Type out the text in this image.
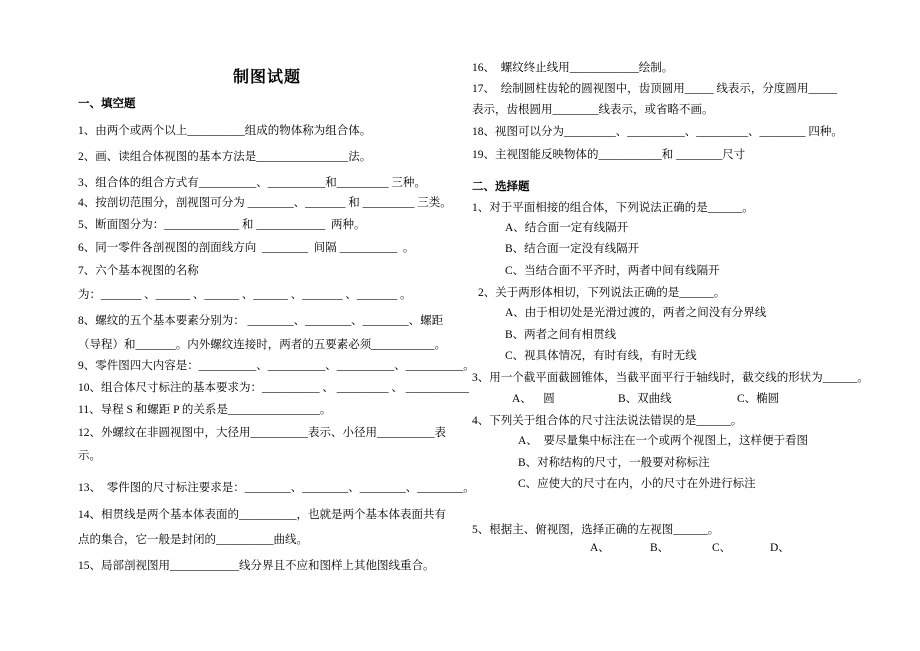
制图试题
一、填空题
1、由两个或两个以上__________组成的物体称为组合体。
2、画、读组合体视图的基本方法是________________法。
3、组合体的组合方式有__________、__________和_________ 三种。
4、按剖切范围分，剖视图可分为 ________、_______ 和 _________ 三类。
5、断面图分为：_____________ 和 ____________  两种。
6、同一零件各剖视图的剖面线方向  ________  间隔 __________  。
7、六个基本视图的名称
为：_______ 、______ 、______ 、______ 、_______ 、_______ 。
8、螺纹的五个基本要素分别为： ________、________、________、螺距
（导程）和_______。内外螺纹连接时，两者的五要素必须___________。
9、零件图四大内容是：__________、__________、__________、__________。
10、组合体尺寸标注的基本要求为：__________ 、 _________ 、 ___________
11、导程 S 和螺距 P 的关系是________________。
12、外螺纹在非圆视图中，大径用__________表示、小径用__________表
示。
13、  零件图的尺寸标注要求是：________、________、________、________。
14、相贯线是两个基本体表面的__________，也就是两个基本体表面共有
点的集合，它一般是封闭的__________曲线。
15、局部剖视图用____________线分界且不应和图样上其他图线重合。
16、  螺纹终止线用____________绘制。
17、  绘制圆柱齿轮的圆视图中，齿顶圆用_____ 线表示，分度圆用_____
表示，齿根圆用________线表示，或省略不画。
18、视图可以分为_________、__________、_________、________ 四种。
19、主视图能反映物体的___________和 ________尺寸
二、选择题
1、对于平面相接的组合体，下列说法正确的是______。
A、结合面一定有线隔开
B、结合面一定没有线隔开
C、当结合面不平齐时，两者中间有线隔开
2、关于两形体相切，下列说法正确的是______。
A、由于相切处是光滑过渡的，两者之间没有分界线
B、两者之间有相贯线
C、视具体情况，有时有线，有时无线
3、用一个截平面截圆锥体，当截平面平行于轴线时，截交线的形状为______。
A、    圆	B、双曲线	C、椭圆
4、下列关于组合体的尺寸注法说法错误的是______。
A、  要尽量集中标注在一个或两个视图上，这样便于看图
B、对称结构的尺寸，一般要对称标注
C、应使大的尺寸在内，小的尺寸在外进行标注
5、根据主、俯视图，选择正确的左视图______。
A、	B、	C、	D、
